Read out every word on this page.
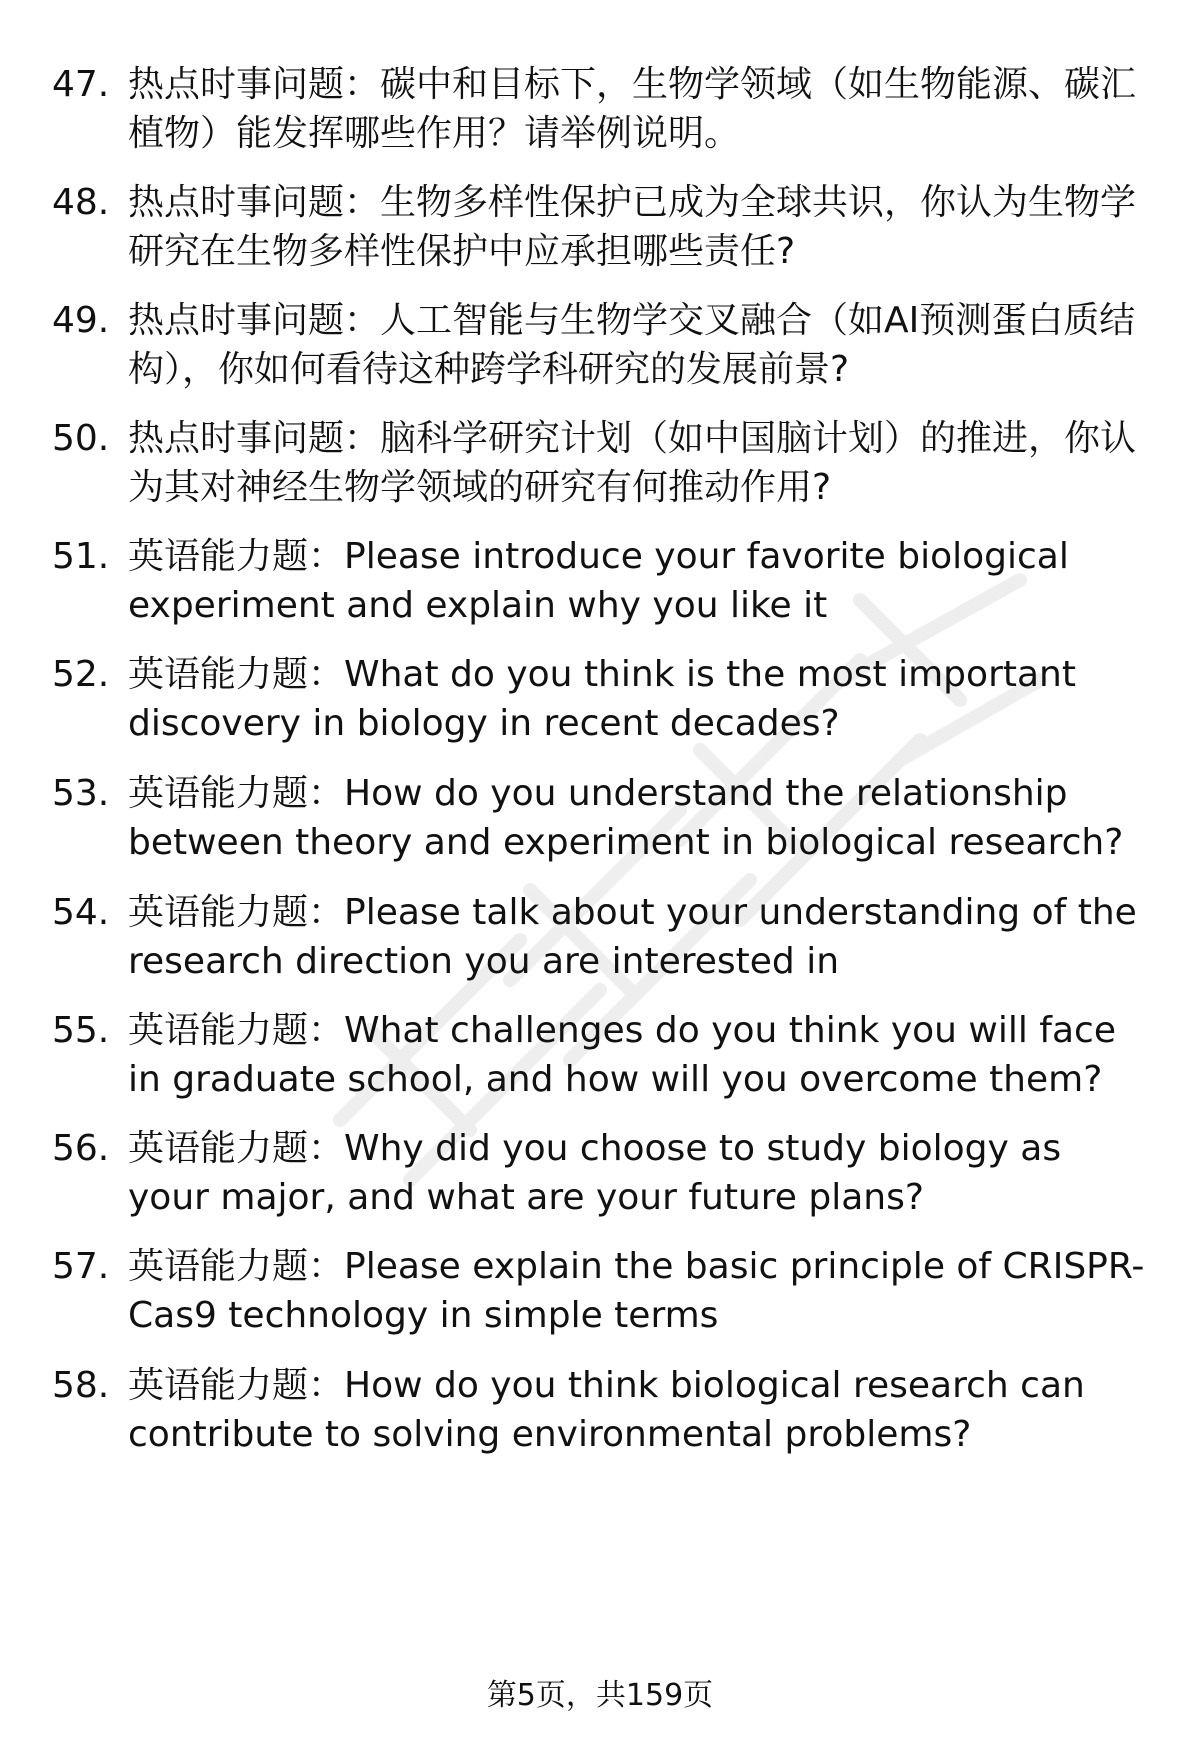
47. 热点时事问题：碳中和目标下，生物学领域（如生物能源、碳汇植物）能发挥哪些作用？请举例说明。
48. 热点时事问题：生物多样性保护已成为全球共识，你认为生物学研究在生物多样性保护中应承担哪些责任?
49. 热点时事问题：人工智能与生物学交叉融合（如AI预测蛋白质结构），你如何看待这种跨学科研究的发展前景?
50. 热点时事问题：脑科学研究计划（如中国脑计划）的推进，你认为其对神经生物学领域的研究有何推动作用?
51. 英语能力题：Please introduce your favorite biological experiment and explain why you like it
52. 英语能力题：What do you think is the most important discovery in biology in recent decades?
53. 英语能力题：How do you understand the relationship between theory and experiment in biological research?
54. 英语能力题：Please talk about your understanding of the research direction you are interested in
55. 英语能力题：What challenges do you think you will face in graduate school, and how will you overcome them?
56. 英语能力题：Why did you choose to study biology as your major, and what are your future plans?
57. 英语能力题：Please explain the basic principle of CRISPR-Cas9 technology in simple terms
58. 英语能力题：How do you think biological research can contribute to solving environmental problems?
第5页，共159页
